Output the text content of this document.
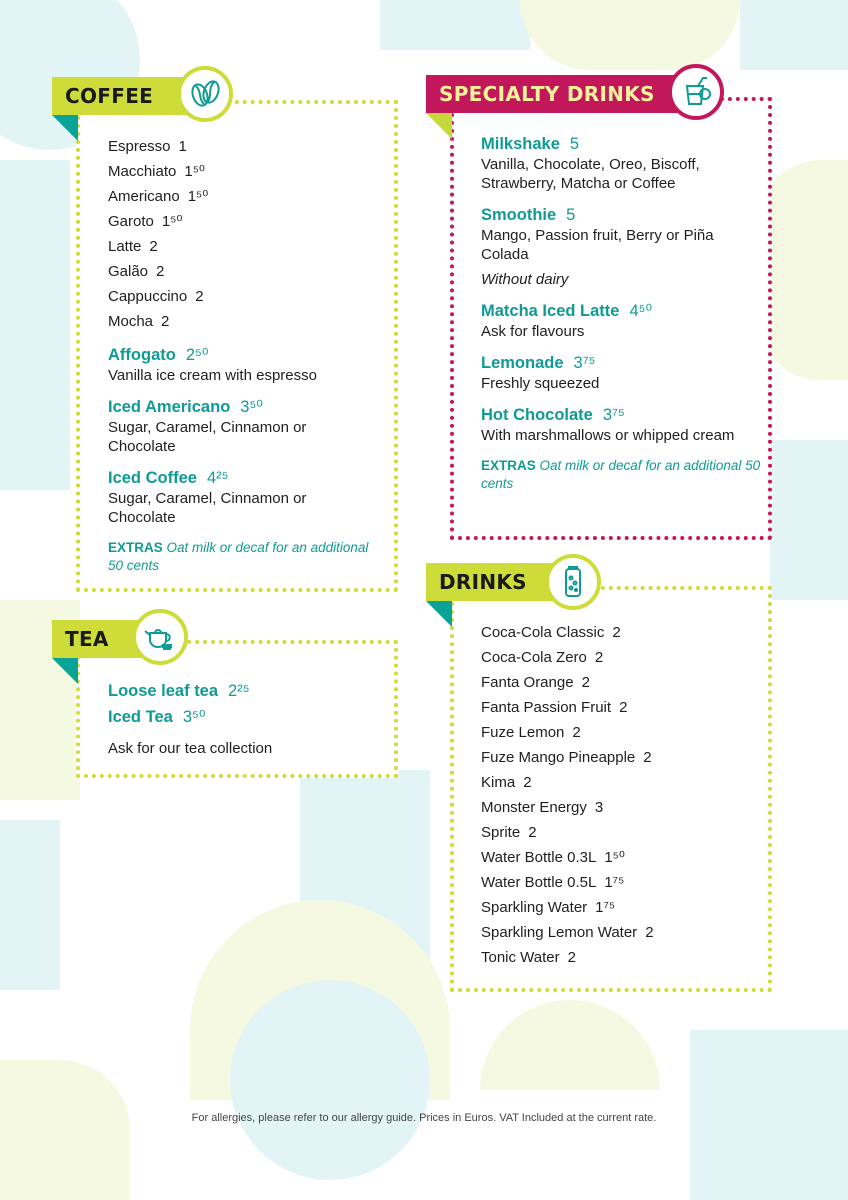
COFFEE
Espresso 1
Macchiato 1⁵⁰
Americano 1⁵⁰
Garoto 1⁵⁰
Latte 2
Galão 2
Cappuccino 2
Mocha 2
Affogato 2⁵⁰
Vanilla ice cream with espresso
Iced Americano 3⁵⁰
Sugar, Caramel, Cinnamon or Chocolate
Iced Coffee 4²⁵
Sugar, Caramel, Cinnamon or Chocolate
EXTRAS Oat milk or decaf for an additional 50 cents
TEA
Loose leaf tea 2²⁵
Iced Tea 3⁵⁰
Ask for our tea collection
SPECIALTY DRINKS
Milkshake 5
Vanilla, Chocolate, Oreo, Biscoff, Strawberry, Matcha or Coffee
Smoothie 5
Mango, Passion fruit, Berry or Piña Colada
Without dairy
Matcha Iced Latte 4⁵⁰
Ask for flavours
Lemonade 3⁷⁵
Freshly squeezed
Hot Chocolate 3⁷⁵
With marshmallows or whipped cream
EXTRAS Oat milk or decaf for an additional 50 cents
DRINKS
Coca-Cola Classic 2
Coca-Cola Zero 2
Fanta Orange 2
Fanta Passion Fruit 2
Fuze Lemon 2
Fuze Mango Pineapple 2
Kima 2
Monster Energy 3
Sprite 2
Water Bottle 0.3L 1⁵⁰
Water Bottle 0.5L 1⁷⁵
Sparkling Water 1⁷⁵
Sparkling Lemon Water 2
Tonic Water 2
For allergies, please refer to our allergy guide. Prices in Euros. VAT Included at the current rate.
